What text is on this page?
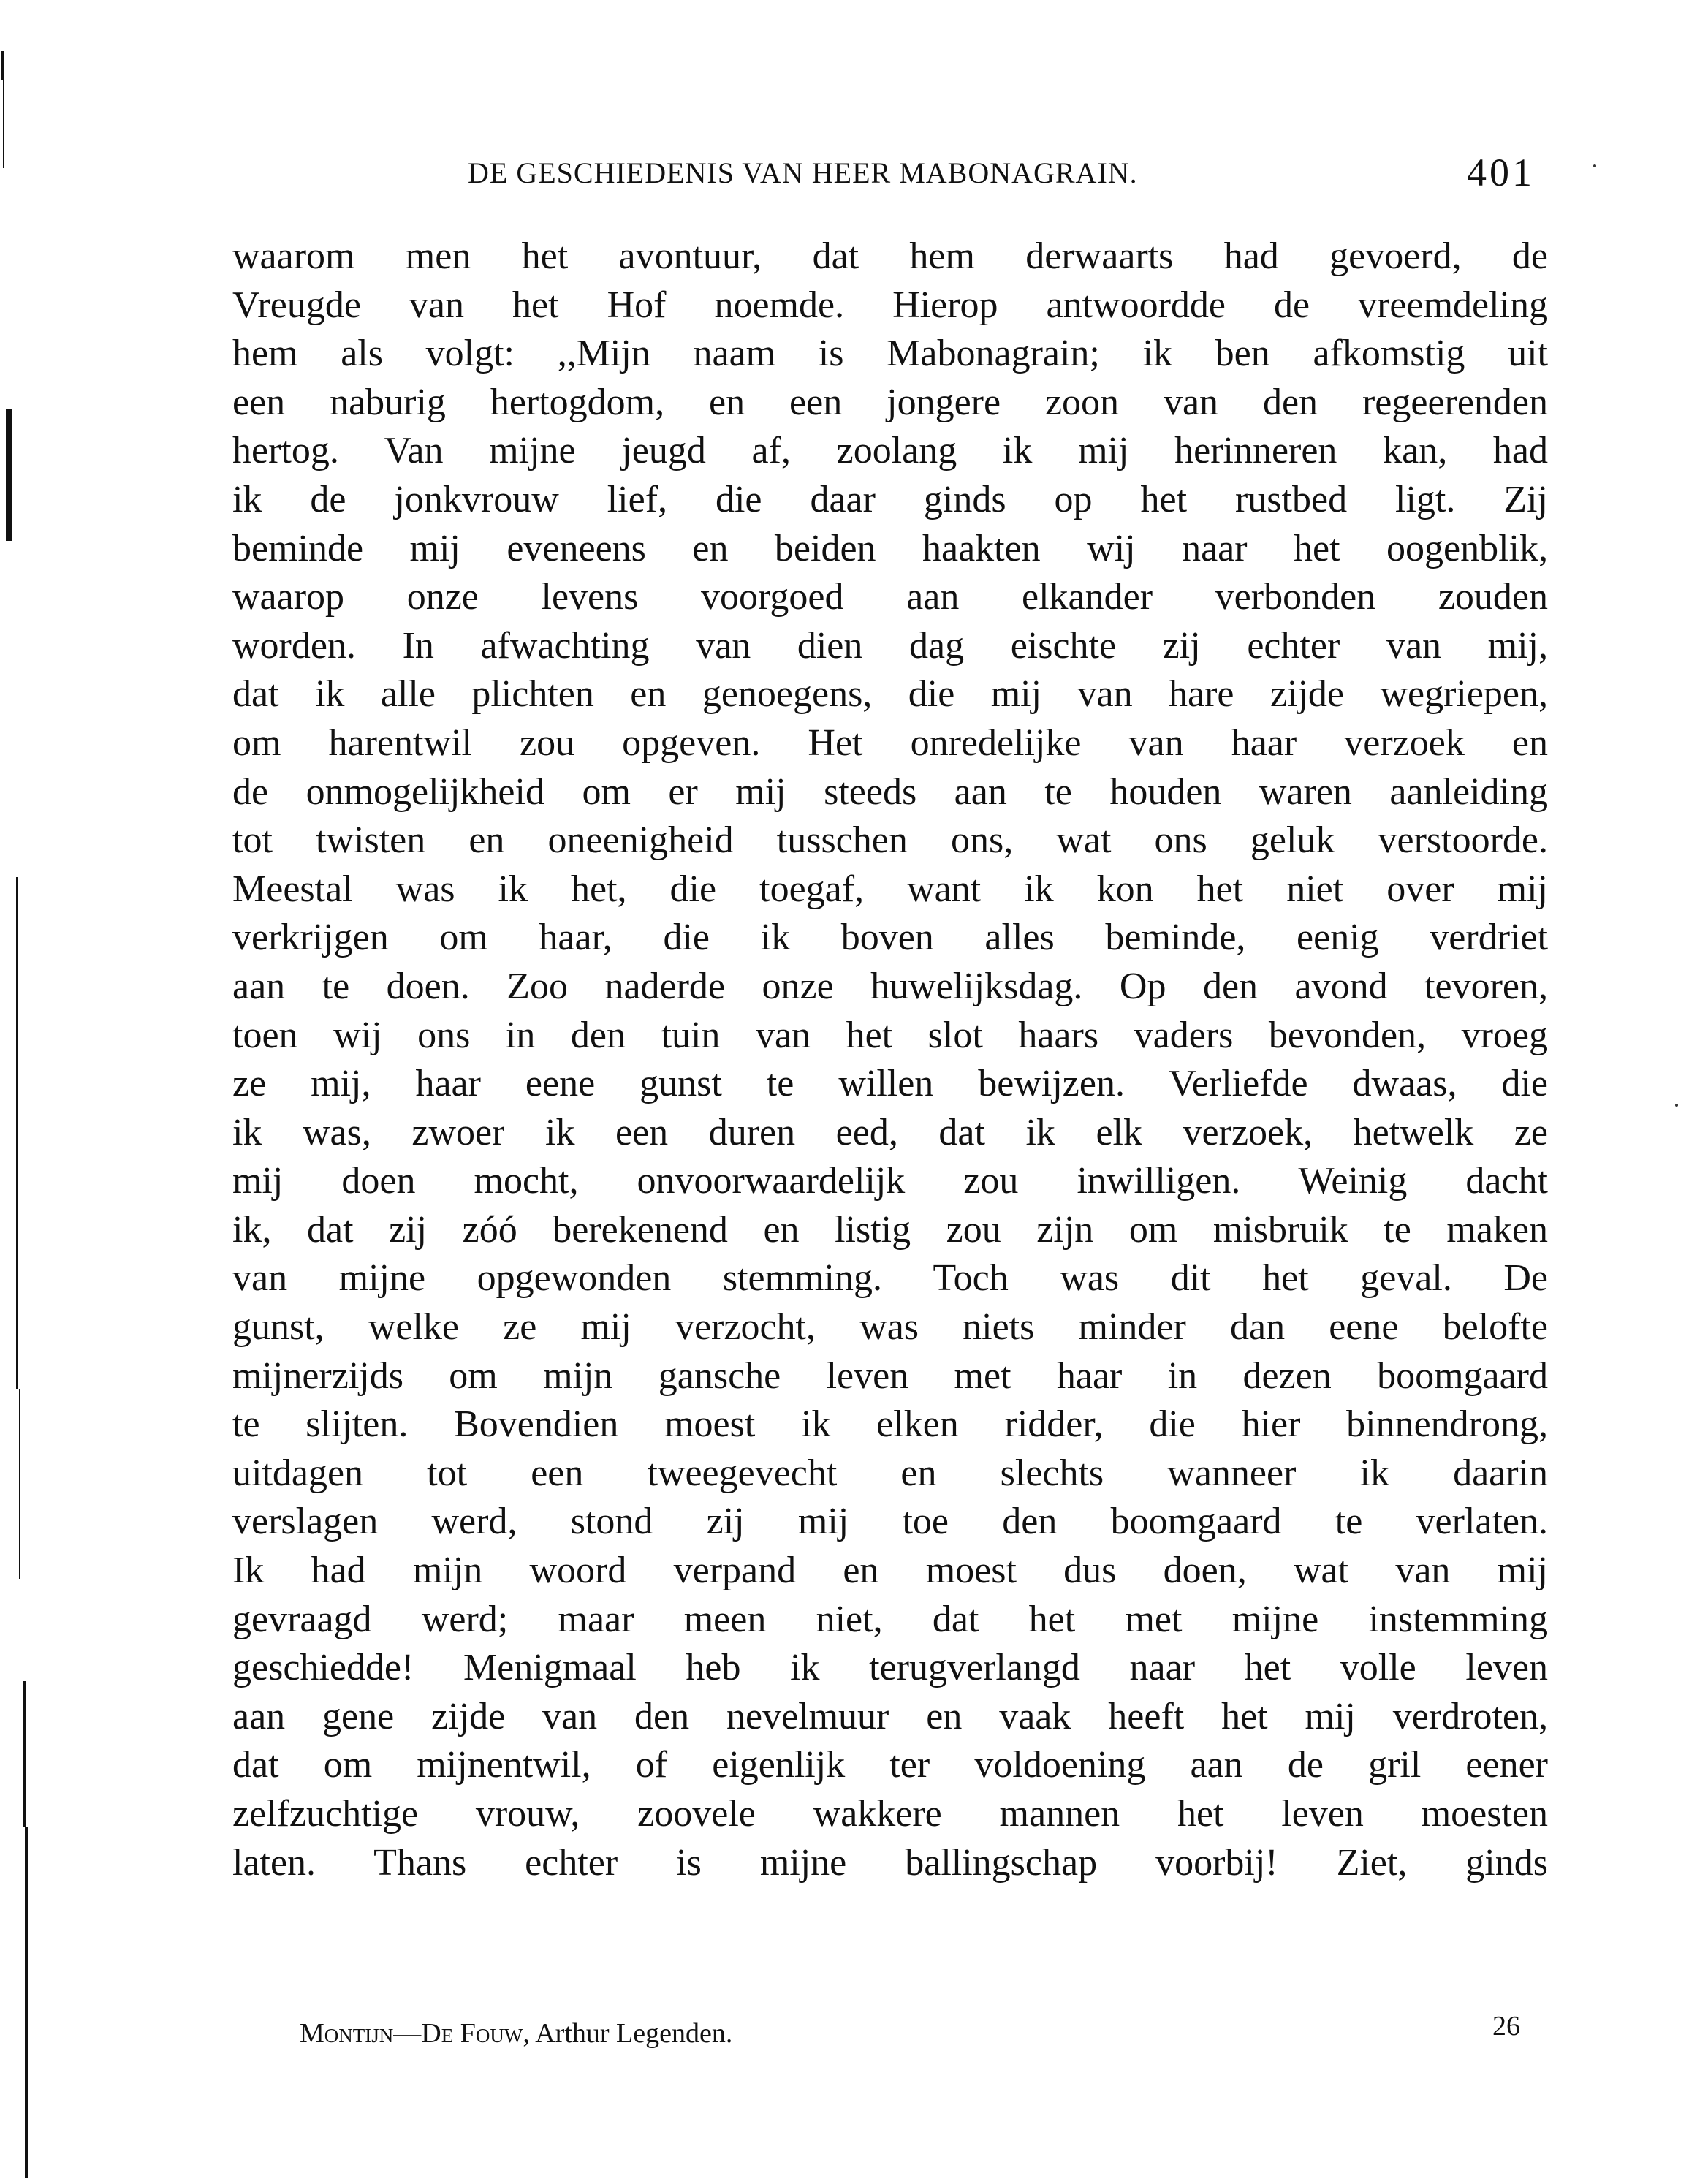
DE GESCHIEDENIS VAN HEER MABONAGRAIN.	401
waarom men het avontuur, dat hem derwaarts had gevoerd, de
Vreugde van het Hof noemde. Hierop antwoordde de vreemdeling
hem als volgt: ,,Mijn naam is Mabonagrain; ik ben afkomstig uit
een naburig hertogdom, en een jongere zoon van den regeerenden
hertog. Van mijne jeugd af, zoolang ik mij herinneren kan, had
ik de jonkvrouw lief, die daar ginds op het rustbed ligt. Zij
beminde mij eveneens en beiden haakten wij naar het oogenblik,
waarop onze levens voorgoed aan elkander verbonden zouden
worden. In afwachting van dien dag eischte zij echter van mij,
dat ik alle plichten en genoegens, die mij van hare zijde wegriepen,
om harentwil zou opgeven. Het onredelijke van haar verzoek en
de onmogelijkheid om er mij steeds aan te houden waren aanleiding
tot twisten en oneenigheid tusschen ons, wat ons geluk verstoorde.
Meestal was ik het, die toegaf, want ik kon het niet over mij
verkrijgen om haar, die ik boven alles beminde, eenig verdriet
aan te doen. Zoo naderde onze huwelijksdag. Op den avond tevoren,
toen wij ons in den tuin van het slot haars vaders bevonden, vroeg
ze mij, haar eene gunst te willen bewijzen. Verliefde dwaas, die
ik was, zwoer ik een duren eed, dat ik elk verzoek, hetwelk ze
mij doen mocht, onvoorwaardelijk zou inwilligen. Weinig dacht
ik, dat zij zóó berekenend en listig zou zijn om misbruik te maken
van mijne opgewonden stemming. Toch was dit het geval. De
gunst, welke ze mij verzocht, was niets minder dan eene belofte
mijnerzijds om mijn gansche leven met haar in dezen boomgaard
te slijten. Bovendien moest ik elken ridder, die hier binnendrong,
uitdagen tot een tweegevecht en slechts wanneer ik daarin
verslagen werd, stond zij mij toe den boomgaard te verlaten.
Ik had mijn woord verpand en moest dus doen, wat van mij
gevraagd werd; maar meen niet, dat het met mijne instemming
geschiedde! Menigmaal heb ik terugverlangd naar het volle leven
aan gene zijde van den nevelmuur en vaak heeft het mij verdroten,
dat om mijnentwil, of eigenlijk ter voldoening aan de gril eener
zelfzuchtige vrouw, zoovele wakkere mannen het leven moesten
laten. Thans echter is mijne ballingschap voorbij! Ziet, ginds
Montijn—De Fouw, Arthur Legenden.	26
